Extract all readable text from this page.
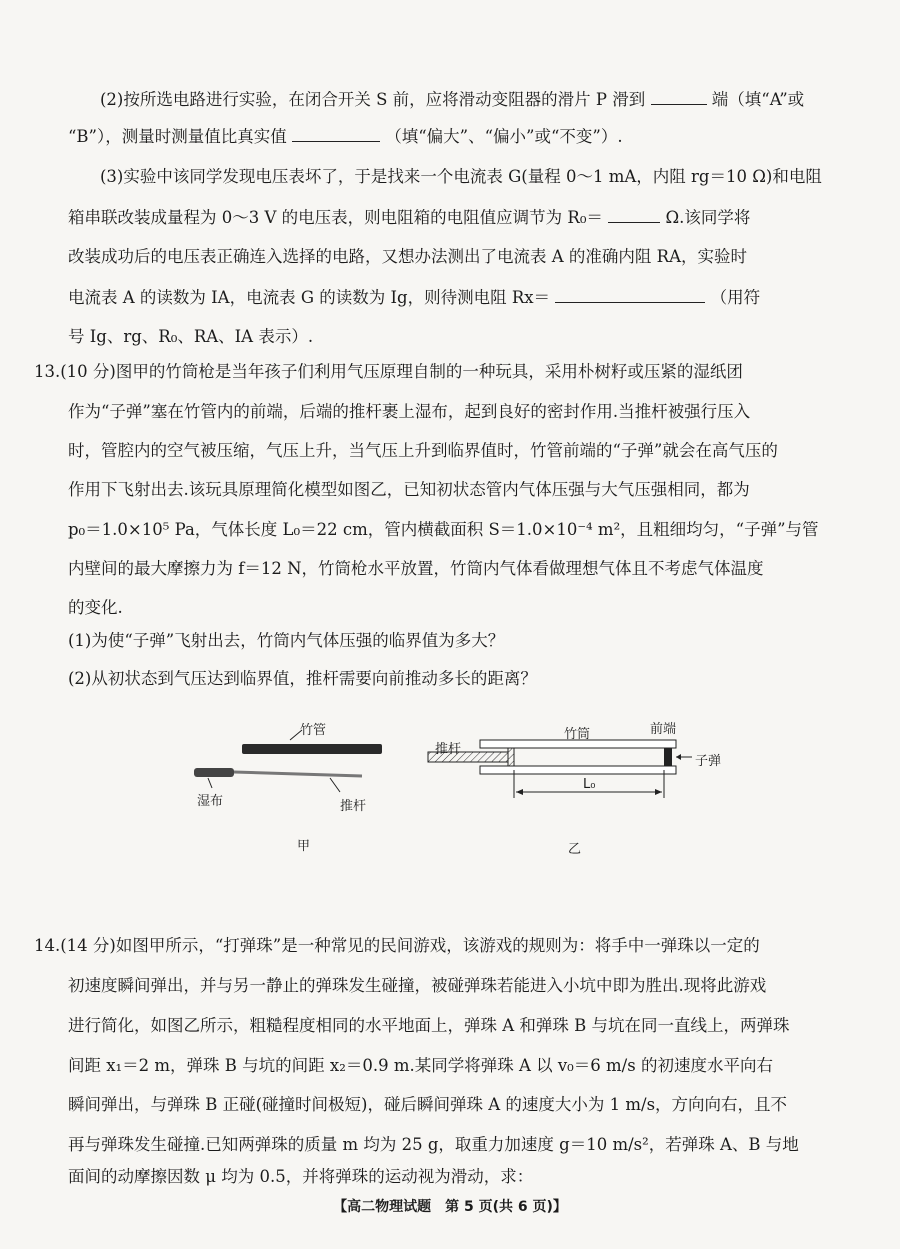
(2)按所选电路进行实验，在闭合开关 S 前，应将滑动变阻器的滑片 P 滑到	端（填“A”或
“B”），测量时测量值比真实值	（填“偏大”、“偏小”或“不变”）.
(3)实验中该同学发现电压表坏了，于是找来一个电流表 G(量程 0～1 mA，内阻 rg＝10 Ω)和电阻
箱串联改装成量程为 0～3 V 的电压表，则电阻箱的电阻值应调节为 R₀＝	Ω.该同学将
改装成功后的电压表正确连入选择的电路，又想办法测出了电流表 A 的准确内阻 RA，实验时
电流表 A 的读数为 IA，电流表 G 的读数为 Ig，则待测电阻 Rx＝	（用符
号 Ig、rg、R₀、RA、IA 表示）.
13.(10 分)图甲的竹筒枪是当年孩子们利用气压原理自制的一种玩具，采用朴树籽或压紧的湿纸团
作为“子弹”塞在竹管内的前端，后端的推杆裹上湿布，起到良好的密封作用.当推杆被强行压入
时，管腔内的空气被压缩，气压上升，当气压上升到临界值时，竹管前端的“子弹”就会在高气压的
作用下飞射出去.该玩具原理简化模型如图乙，已知初状态管内气体压强与大气压强相同，都为
p₀＝1.0×10⁵ Pa，气体长度 L₀＝22 cm，管内横截面积 S＝1.0×10⁻⁴ m²，且粗细均匀，“子弹”与管
内壁间的最大摩擦力为 f＝12 N，竹筒枪水平放置，竹筒内气体看做理想气体且不考虑气体温度
的变化.
(1)为使“子弹”飞射出去，竹筒内气体压强的临界值为多大？
(2)从初状态到气压达到临界值，推杆需要向前推动多长的距离？
竹管
湿布	推杆
甲
竹筒	前端
推杆
子弹
L₀
乙
14.(14 分)如图甲所示，“打弹珠”是一种常见的民间游戏，该游戏的规则为：将手中一弹珠以一定的
初速度瞬间弹出，并与另一静止的弹珠发生碰撞，被碰弹珠若能进入小坑中即为胜出.现将此游戏
进行简化，如图乙所示，粗糙程度相同的水平地面上，弹珠 A 和弹珠 B 与坑在同一直线上，两弹珠
间距 x₁＝2 m，弹珠 B 与坑的间距 x₂＝0.9 m.某同学将弹珠 A 以 v₀＝6 m/s 的初速度水平向右
瞬间弹出，与弹珠 B 正碰(碰撞时间极短)，碰后瞬间弹珠 A 的速度大小为 1 m/s，方向向右，且不
再与弹珠发生碰撞.已知两弹珠的质量 m 均为 25 g，取重力加速度 g＝10 m/s²，若弹珠 A、B 与地
面间的动摩擦因数 μ 均为 0.5，并将弹珠的运动视为滑动，求：
【高二物理试题　第 5 页(共 6 页)】
